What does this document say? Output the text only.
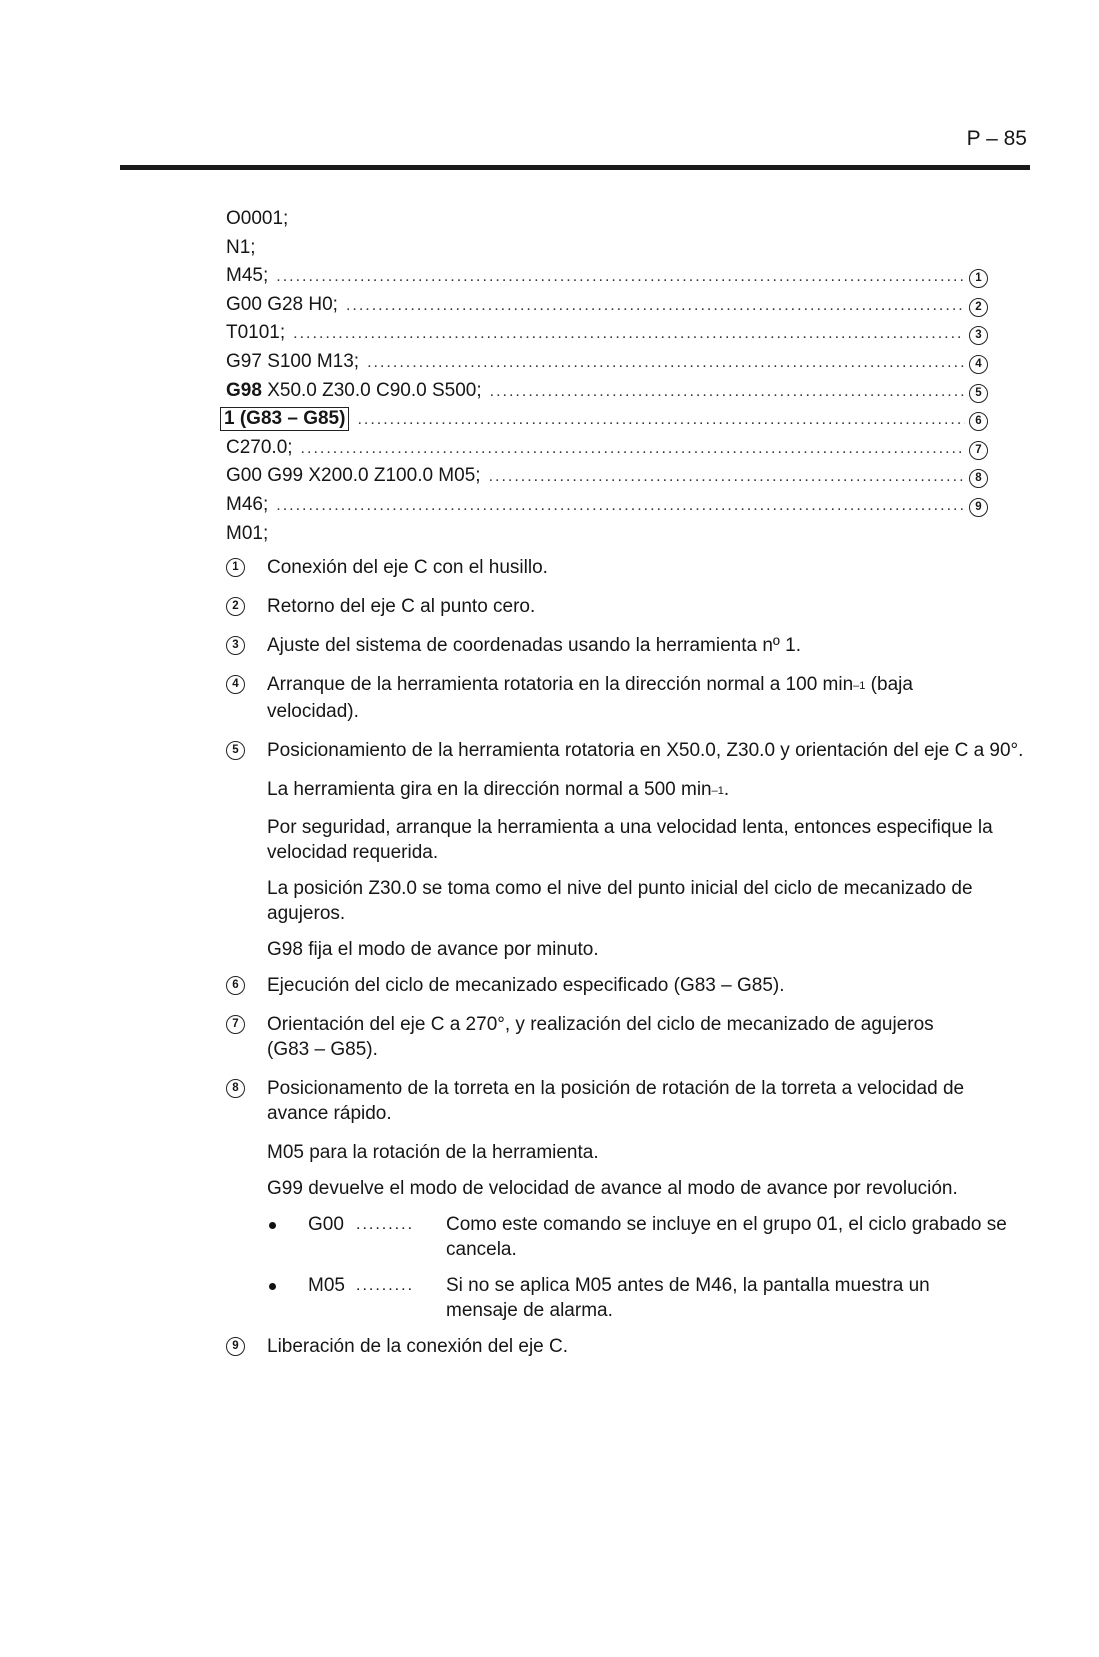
P – 85
O0001;
N1;
M45; .....	1
G00 G28 H0; .....	2
T0101; .....	3
G97 S100 M13; .....	4
G98 X50.0 Z30.0 C90.0 S500; .....	5
1 (G83 – G85) .....	6
C270.0; .....	7
G00 G99 X200.0 Z100.0 M05; .....	8
M46; .....	9
M01;
1	Conexión del eje C con el husillo.

2	Retorno del eje C al punto cero.

3	Ajuste del sistema de coordenadas usando la herramienta nº 1.

4	Arranque de la herramienta rotatoria en la dirección normal a 100 $\min^{-1}$ (baja velocidad).

5	Posicionamiento de la herramienta rotatoria en X50.0, Z30.0 y orientación del eje C a 90°.

La herramienta gira en la dirección normal a 500 $\min^{-1}$.

Por seguridad, arranque la herramienta a una velocidad lenta, entonces especifique la velocidad requerida.

La posición Z30.0 se toma como el nive del punto inicial del ciclo de mecanizado de agujeros.

G98 fija el modo de avance por minuto.

6	Ejecución del ciclo de mecanizado especificado (G83 – G85).

7	Orientación del eje C a 270°, y realización del ciclo de mecanizado de agujeros (G83 – G85).

8	Posicionamento de la torreta en la posición de rotación de la torreta a velocidad de avance rápido.

M05 para la rotación de la herramienta.

G99 devuelve el modo de velocidad de avance al modo de avance por revolución.

G00 ......... Como este comando se incluye en el grupo 01, el ciclo grabado se cancela.
M05 ......... Si no se aplica M05 antes de M46, la pantalla muestra un mensaje de alarma.
9	Liberación de la conexión del eje C.
